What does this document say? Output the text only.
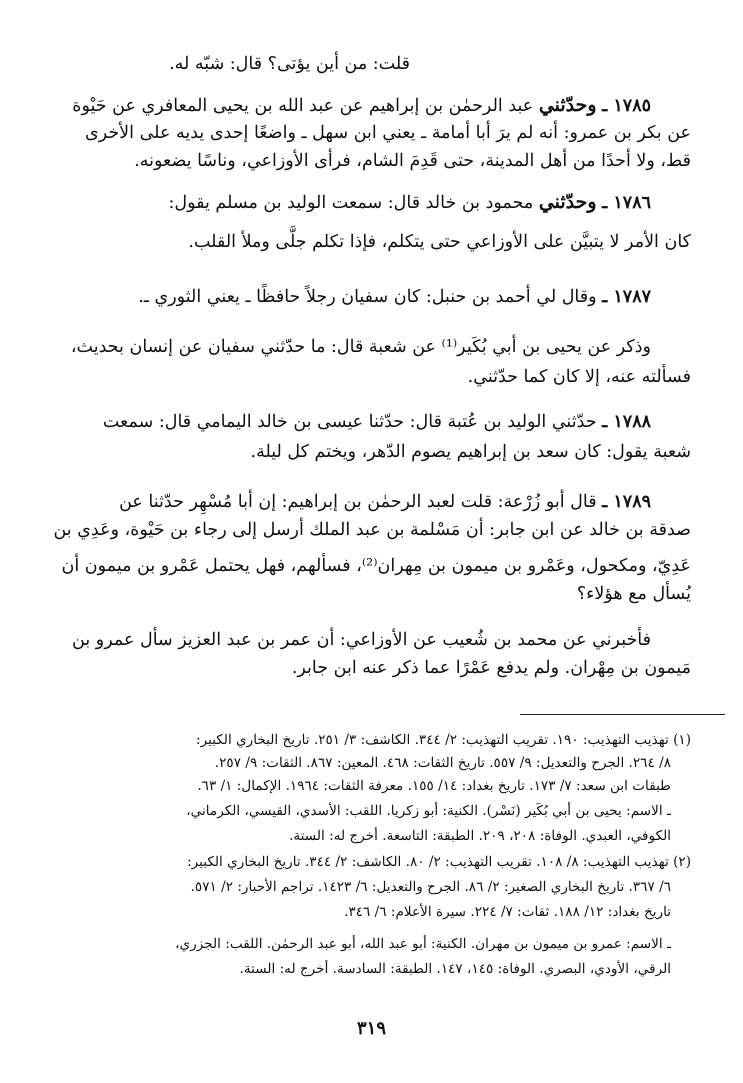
قلت: من أين يؤتى؟ قال: شبّه له.
١٧٨٥ ـ وحدّثني عبد الرحمٰن بن إبراهيم عن عبد الله بن يحيى المعافري عن حَيْوة
عن بكر بن عمرو: أنه لم يرَ أبا أمامة ـ يعني ابن سهل ـ واضعًا إحدى يديه على الأخرى
قط، ولا أحدًا من أهل المدينة، حتى قَدِمَ الشام، فرأى الأوزاعي، وناسًا يضعونه.
١٧٨٦ ـ وحدّثني محمود بن خالد قال: سمعت الوليد بن مسلم يقول:
كان الأمر لا يتبيَّن على الأوزاعي حتى يتكلم، فإذا تكلم جلَّى وملأ القلب.
١٧٨٧ ـ وقال لي أحمد بن حنبل: كان سفيان رجلاً حافظًا ـ يعني الثوري ـ.
وذكر عن يحيى بن أبي بُكَير⁽¹⁾ عن شعبة قال: ما حدّثني سفيان عن إنسان بحديث،
فسألته عنه، إلا كان كما حدّثني.
١٧٨٨ ـ حدّثني الوليد بن عُتبة قال: حدّثنا عيسى بن خالد اليمامي قال: سمعت
شعبة يقول: كان سعد بن إبراهيم يصوم الدّهر، ويختم كل ليلة.
١٧٨٩ ـ قال أبو زُرْعة: قلت لعبد الرحمٰن بن إبراهيم: إن أبا مُسْهِر حدّثنا عن
صدقة بن خالد عن ابن جابر: أن مَسْلمة بن عبد الملك أرسل إلى رجاء بن حَيْوة، وعَدِي بن
عَدِيّ، ومكحول، وعَمْرو بن ميمون بن مِهران⁽²⁾، فسألهم، فهل يحتمل عَمْرو بن ميمون أن
يُسأل مع هؤلاء؟
فأخبرني عن محمد بن شُعيب عن الأوزاعي: أن عمر بن عبد العزيز سأل عمرو بن
مَيمون بن مِهْران. ولم يدفع عَمْرًا عما ذكر عنه ابن جابر.
(١) تهذيب التهذيب: ١٩٠. تقريب التهذيب: ٢/ ٣٤٤. الكاشف: ٣/ ٢٥١. تاريخ البخاري الكبير:
٨/ ٢٦٤. الجرح والتعديل: ٩/ ٥٥٧. تاريخ الثقات: ٤٦٨. المعين: ٨٦٧. الثقات: ٩/ ٢٥٧.
طبقات ابن سعد: ٧/ ١٧٣. تاريخ بغداد: ١٤/ ١٥٥. معرفة الثقات: ١٩٦٤. الإكمال: ١/ ٦٣.
ـ الاسم: يحيى بن أبي بُكَير (نَسْر). الكنية: أبو زكريا. اللقب: الأسدي، القيسي، الكرماني،
الكوفي، العبدي. الوفاة: ٢٠٨، ٢٠٩. الطبقة: التاسعة. أخرج له: الستة.
(٢) تهذيب التهذيب: ٨/ ١٠٨. تقريب التهذيب: ٢/ ٨٠. الكاشف: ٢/ ٣٤٤. تاريخ البخاري الكبير:
٦/ ٣٦٧. تاريخ البخاري الصغير: ٢/ ٨٦. الجرح والتعديل: ٦/ ١٤٢٣. تراجم الأحبار: ٢/ ٥٧١.
تاريخ بغداد: ١٢/ ١٨٨. ثقات: ٧/ ٢٢٤. سيرة الأعلام: ٦/ ٣٤٦.
ـ الاسم: عمرو بن ميمون بن مهران. الكنية: أبو عبد الله، أبو عبد الرحمٰن. اللقب: الجزري،
الرقي، الأودي، البصري. الوفاة: ١٤٥، ١٤٧. الطبقة: السادسة. أخرج له: الستة.
٣١٩
